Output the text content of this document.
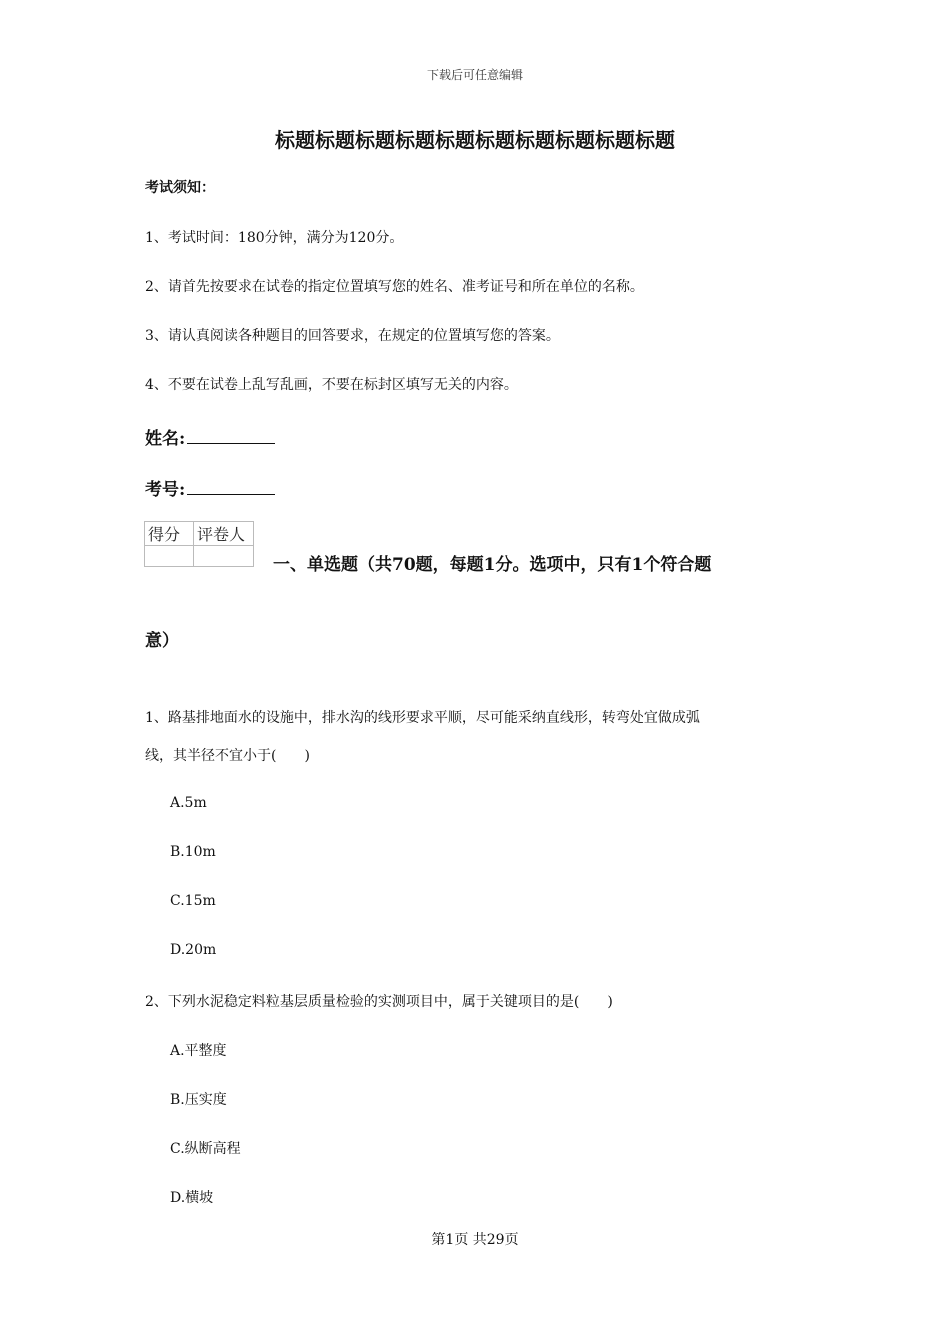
下载后可任意编辑
标题标题标题标题标题标题标题标题标题标题
考试须知：
1、考试时间：180分钟，满分为120分。
2、请首先按要求在试卷的指定位置填写您的姓名、准考证号和所在单位的名称。
3、请认真阅读各种题目的回答要求，在规定的位置填写您的答案。
4、不要在试卷上乱写乱画，不要在标封区填写无关的内容。
姓名:
考号:
得分	评卷人

一、单选题（共70题，每题1分。选项中，只有1个符合题
意）
1、路基排地面水的设施中，排水沟的线形要求平顺，尽可能采纳直线形，转弯处宜做成弧
线，其半径不宜小于(　　)
A.5m
B.10m
C.15m
D.20m
2、下列水泥稳定料粒基层质量检验的实测项目中，属于关键项目的是(　　)
A.平整度
B.压实度
C.纵断高程
D.横坡
第1页 共29页
